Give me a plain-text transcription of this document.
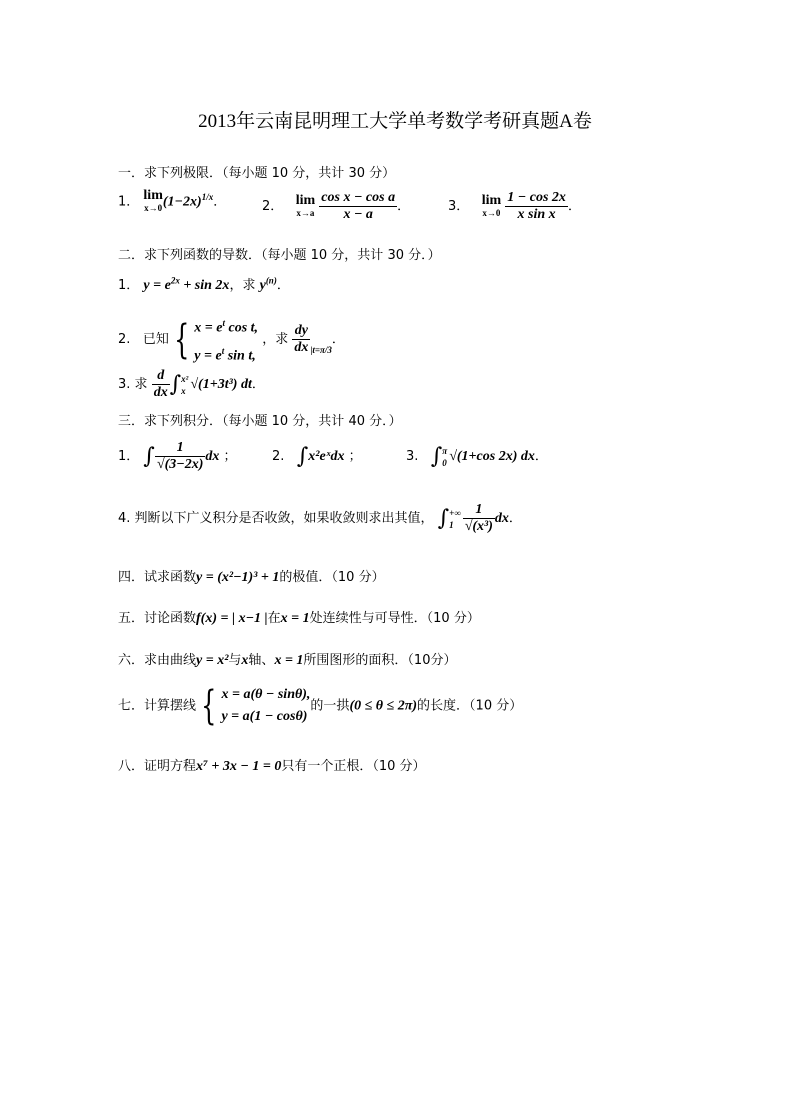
2013年云南昆明理工大学单考数学考研真题A卷
一．求下列极限．（每小题 10 分，共计 30 分）
1． lim
$x\to 0(1-2x)^{1/x}$．	2． lim
$x\to a \frac{\text{cos x − cos a}}{x - a}$ ．	3． lim
$x\to 0 \frac{1 - \cos 2x}{\text{x sin x}}$ ．
二．求下列函数的导数．（每小题 10 分，共计 30 分．）
1． $y = e^{2x} + \sin 2x$，求 $y^{(n)}$．
2. 已知 { $x = e^t$ cos t,
$y = e^t$ sin t, ，求 $\frac{dy}{dx} _{|t=\pi/3}$．
3. 求 $\frac{d}{dx} \int x^2$
x √(1+3t³) dt．
三．求下列积分．（每小题 10 分，共计 40 分．）
1． ∫ $\frac{1}{√(3-2x)}$ dx ；	2. ∫x²eˣdx ；	3. ∫π
0 √(1+cos 2x) dx．
4. 判断以下广义积分是否收敛，如果收敛则求出其值， ∫+∞
$1 \frac{1}{\text{√(x³)}}$ dx．
四．试求函数y = (x²−1)³ + 1的极值．（10 分）
五．讨论函数f(x) = | x−1 |在x = 1处连续性与可导性．（10 分）
六．求由曲线y = x²与x轴、x = 1所围图形的面积．（10分）
七．计算摆线 { x = a(θ − sinθ),
y = a(1 − cosθ)的一拱(0 ≤ θ ≤ 2π)的长度．（10 分）
八．证明方程x⁷ + 3x − 1 = 0只有一个正根．（10 分）
